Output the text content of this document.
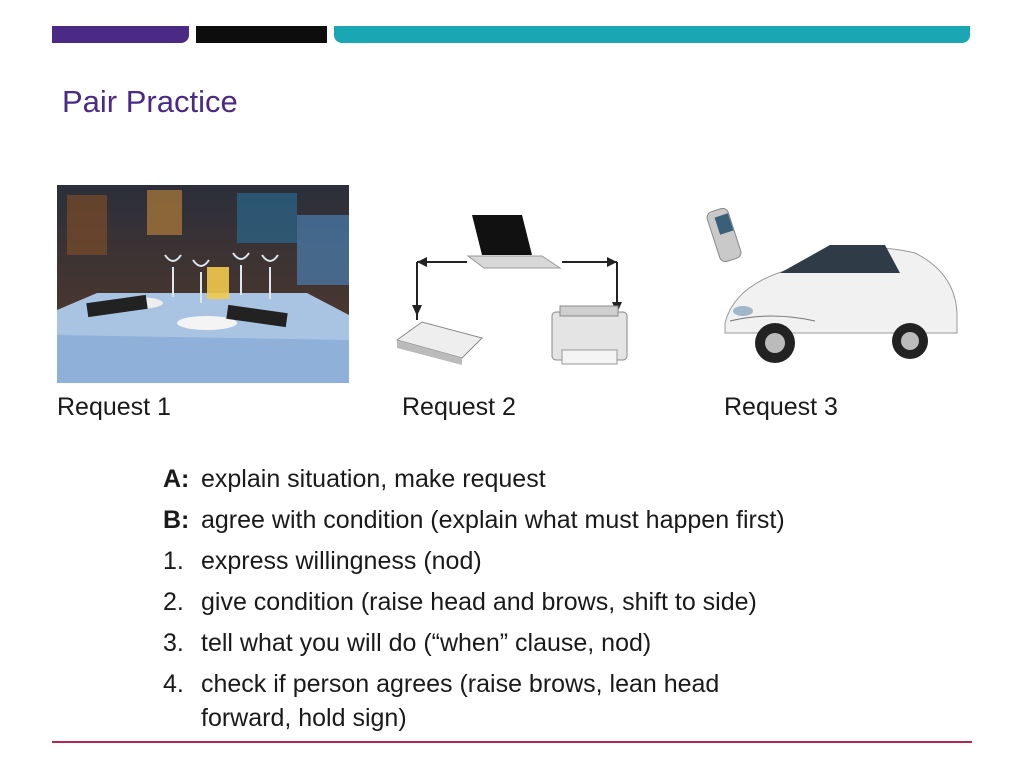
Pair Practice
Request 1	Request 2	Request 3
A: explain situation, make request
B: agree with condition (explain what must happen first)
1. express willingness (nod)
2. give condition (raise head and brows, shift to side)
3. tell what you will do (“when” clause, nod)
4. check if person agrees (raise brows, lean head forward, hold sign)
